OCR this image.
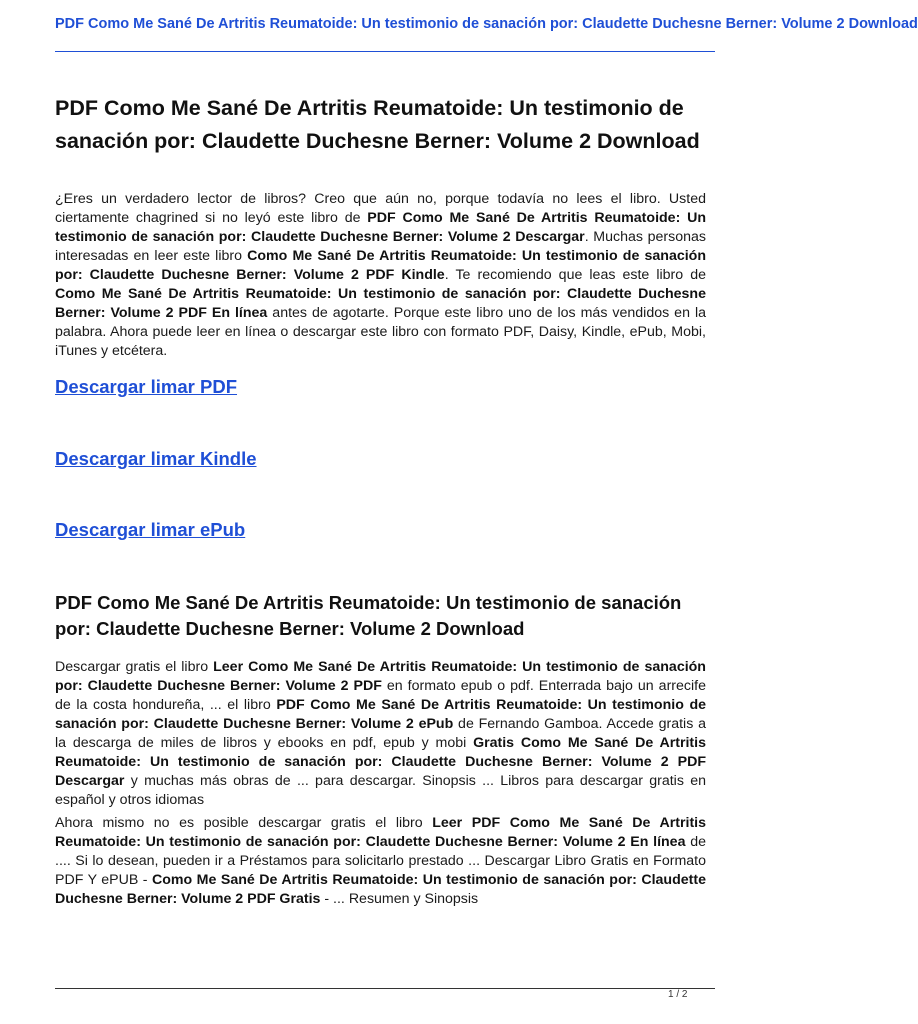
PDF Como Me Sané De Artritis Reumatoide: Un testimonio de sanación por: Claudette Duchesne Berner: Volume 2 Download
PDF Como Me Sané De Artritis Reumatoide: Un testimonio de sanación por: Claudette Duchesne Berner: Volume 2 Download

¿Eres un verdadero lector de libros? Creo que aún no, porque todavía no lees el libro. Usted ciertamente chagrined si no leyó este libro de PDF Como Me Sané De Artritis Reumatoide: Un testimonio de sanación por: Claudette Duchesne Berner: Volume 2 Descargar. Muchas personas interesadas en leer este libro Como Me Sané De Artritis Reumatoide: Un testimonio de sanación por: Claudette Duchesne Berner: Volume 2 PDF Kindle. Te recomiendo que leas este libro de Como Me Sané De Artritis Reumatoide: Un testimonio de sanación por: Claudette Duchesne Berner: Volume 2 PDF En línea antes de agotarte. Porque este libro uno de los más vendidos en la palabra. Ahora puede leer en línea o descargar este libro con formato PDF, Daisy, Kindle, ePub, Mobi, iTunes y etcétera.

Descargar limar PDF
Descargar limar Kindle
Descargar limar ePub
PDF Como Me Sané De Artritis Reumatoide: Un testimonio de sanación por: Claudette Duchesne Berner: Volume 2 Download

Descargar gratis el libro Leer Como Me Sané De Artritis Reumatoide: Un testimonio de sanación por: Claudette Duchesne Berner: Volume 2 PDF en formato epub o pdf. Enterrada bajo un arrecife de la costa hondureña, ... el libro PDF Como Me Sané De Artritis Reumatoide: Un testimonio de sanación por: Claudette Duchesne Berner: Volume 2 ePub de Fernando Gamboa. Accede gratis a la descarga de miles de libros y ebooks en pdf, epub y mobi Gratis Como Me Sané De Artritis Reumatoide: Un testimonio de sanación por: Claudette Duchesne Berner: Volume 2 PDF Descargar y muchas más obras de ... para descargar. Sinopsis ... Libros para descargar gratis en español y otros idiomas

Ahora mismo no es posible descargar gratis el libro Leer PDF Como Me Sané De Artritis Reumatoide: Un testimonio de sanación por: Claudette Duchesne Berner: Volume 2 En línea de .... Si lo desean, pueden ir a Préstamos para solicitarlo prestado ... Descargar Libro Gratis en Formato PDF Y ePUB - Como Me Sané De Artritis Reumatoide: Un testimonio de sanación por: Claudette Duchesne Berner: Volume 2 PDF Gratis - ... Resumen y Sinopsis

1 / 2
